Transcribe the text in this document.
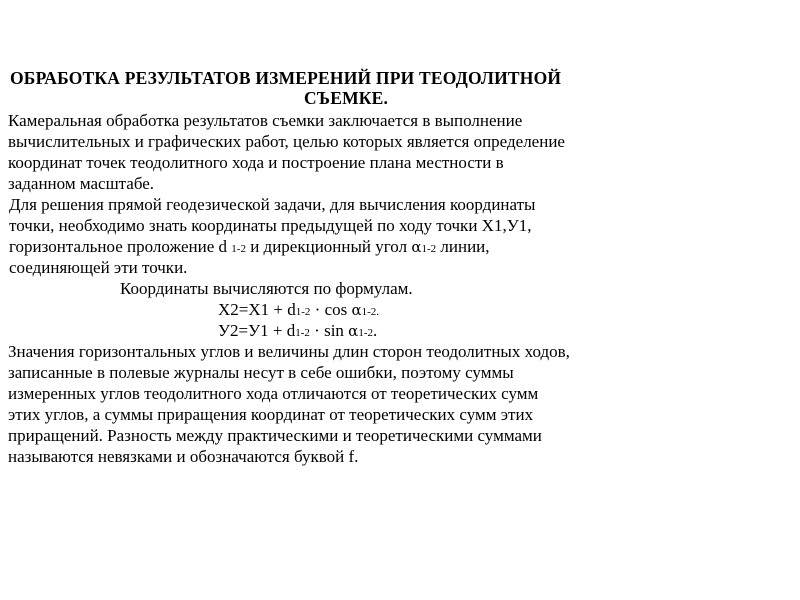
ОБРАБОТКА РЕЗУЛЬТАТОВ ИЗМЕРЕНИЙ ПРИ ТЕОДОЛИТНОЙ
СЪЕМКЕ.
Камеральная обработка результатов съемки заключается в выполнение
вычислительных и графических работ, целью которых является определение
координат точек теодолитного хода и построение плана местности в
заданном масштабе.
Для решения прямой геодезической задачи, для вычисления координаты
точки, необходимо знать координаты предыдущей по ходу точки Х1,У1,
горизонтальное проложение d 1-2 и дирекционный угол α1-2 линии,
соединяющей эти точки.
Координаты вычисляются по формулам.
Х2=Х1 + d1-2 · cos α1-2.
У2=У1 + d1-2 · sin α1-2.
Значения горизонтальных углов и величины длин сторон теодолитных ходов,
записанные в полевые журналы несут в себе ошибки, поэтому суммы
измеренных углов теодолитного хода отличаются от теоретических сумм
этих углов, а суммы приращения координат от теоретических сумм этих
приращений. Разность между практическими и теоретическими суммами
называются невязками и обозначаются буквой f.
